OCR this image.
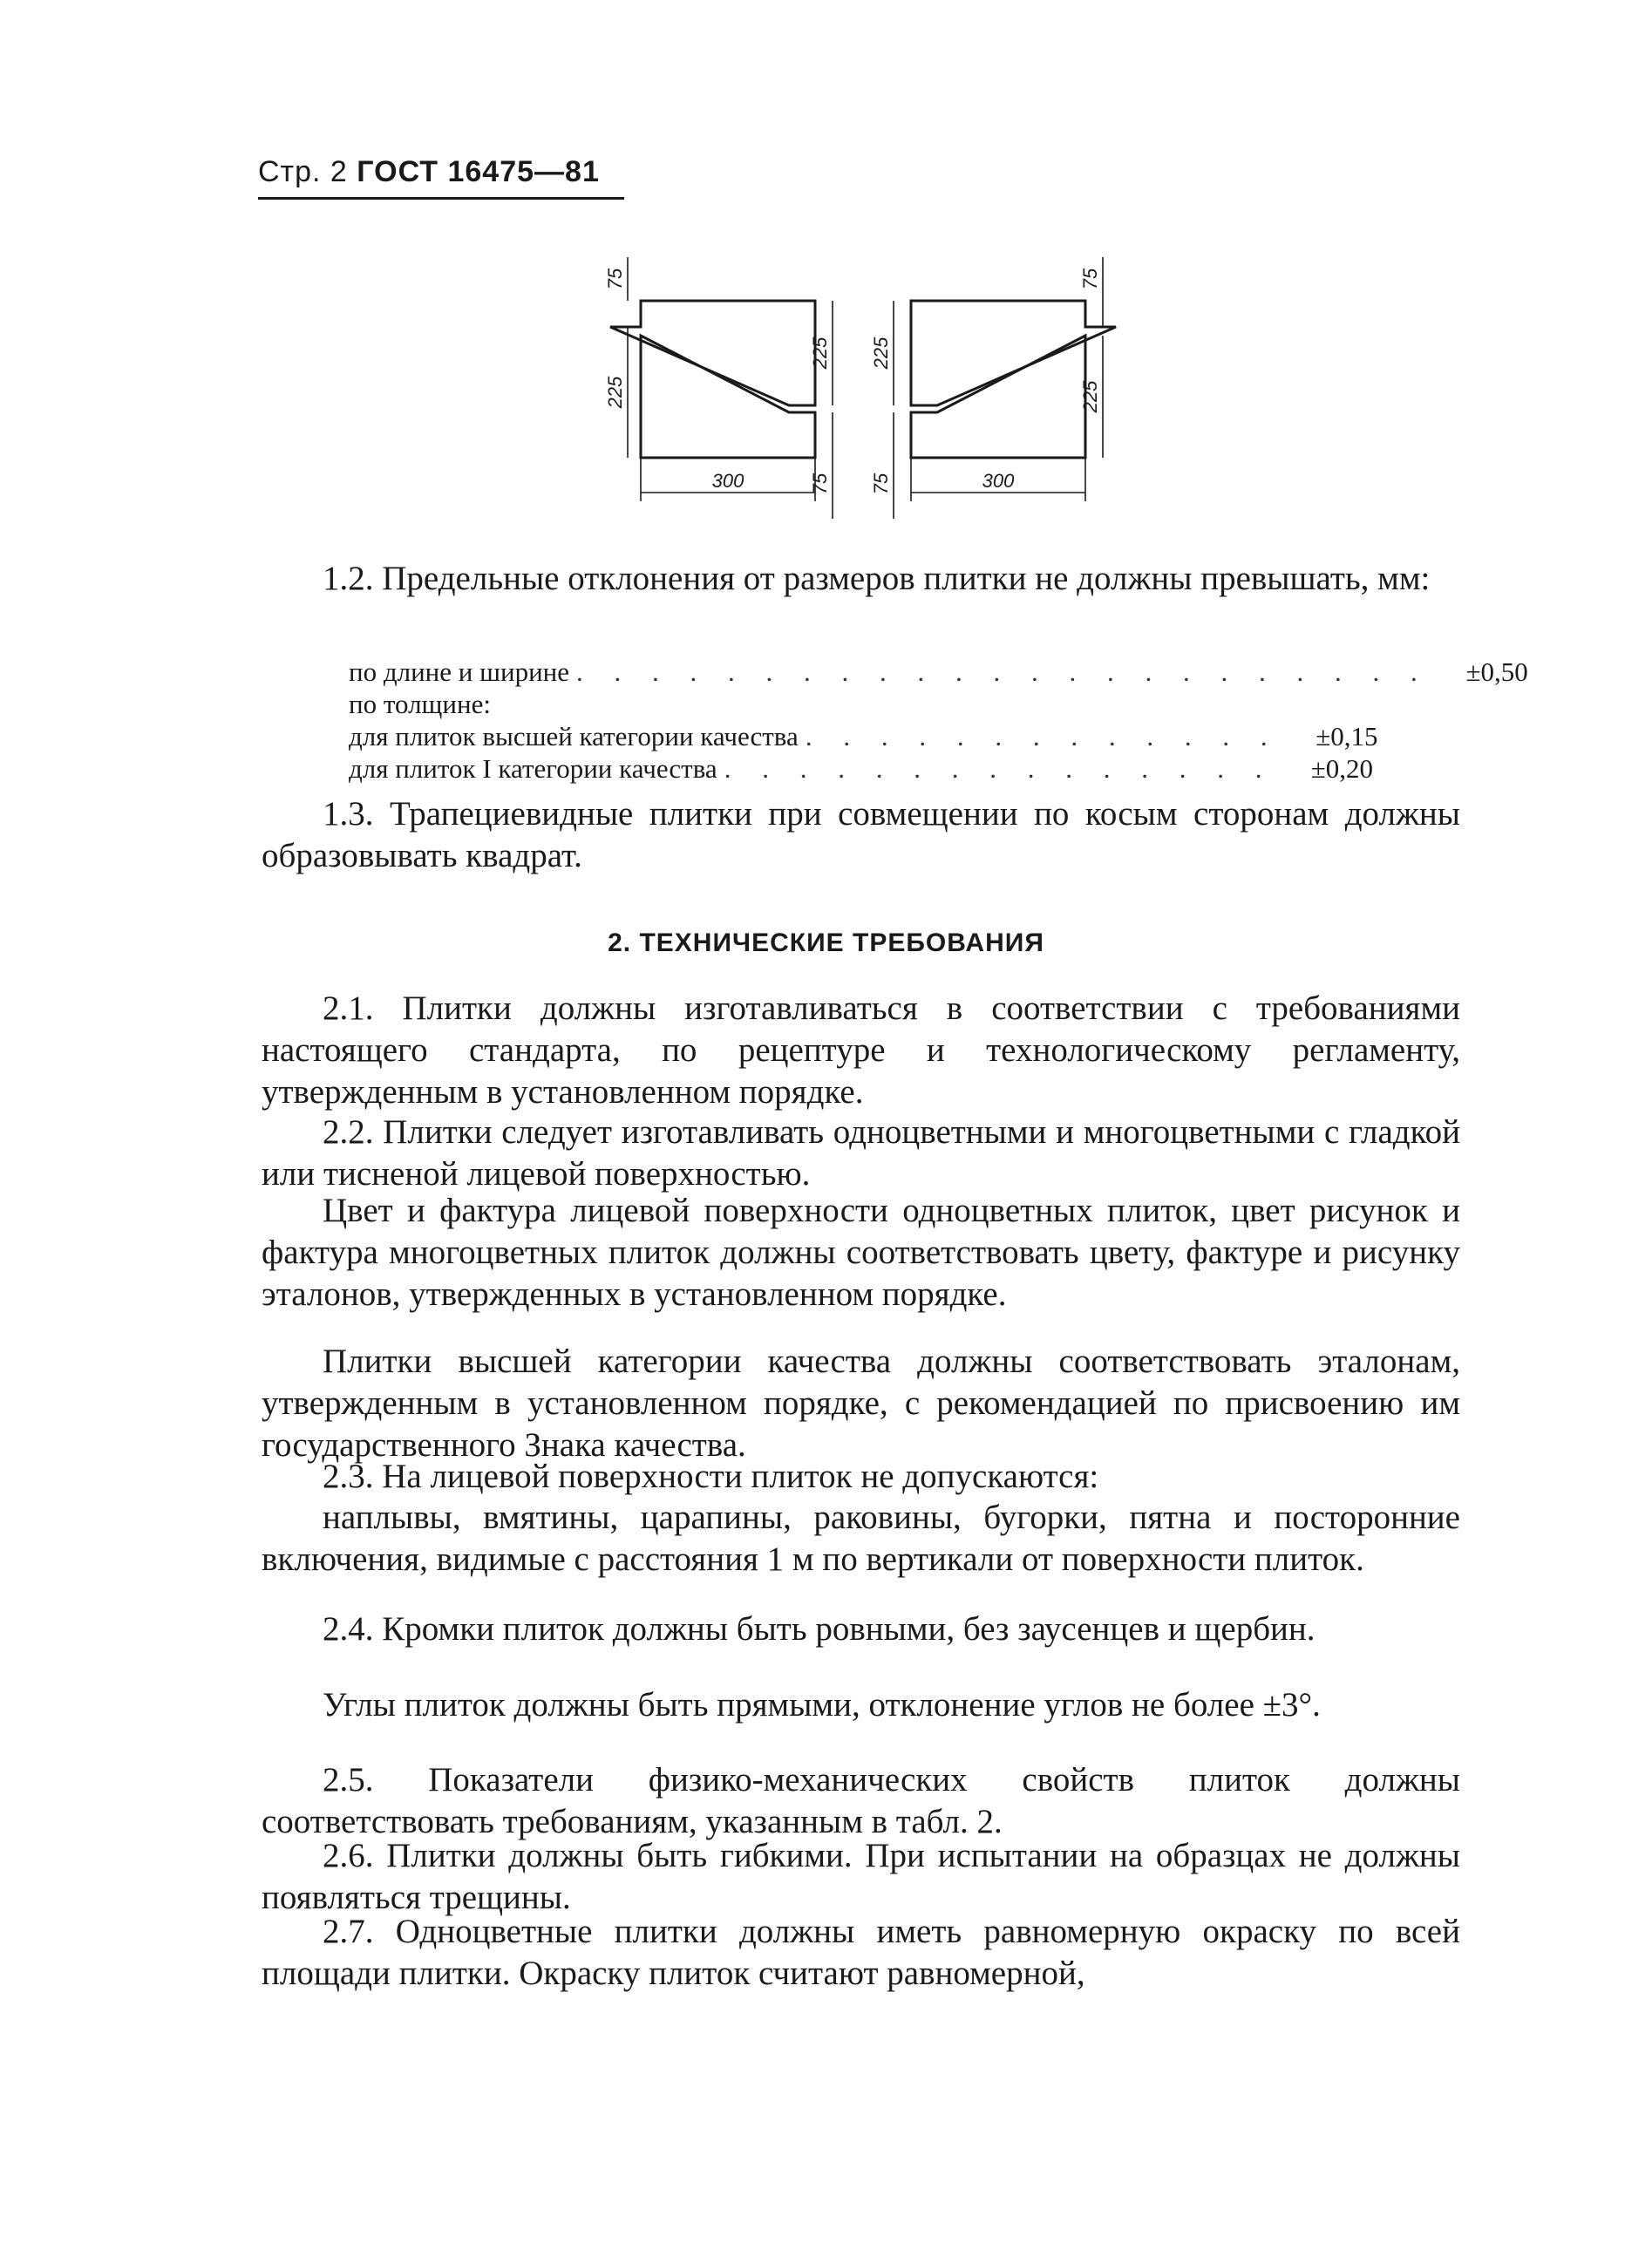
Стр. 2 ГОСТ 16475—81
75
225
225
300	75
75
225
225
300
75
1.2. Предельные отклонения от размеров плитки не должны превышать, мм:
по длине и ширине . . . . . . . . . . . . . . . . . . . . . . .	±0,50
по толщине:
для плиток высшей категории качества . . . . . . . . . . . . .	±0,15
для плиток I категории качества . . . . . . . . . . . . . . .	±0,20
1.3. Трапециевидные плитки при совмещении по косым сторонам должны образовывать квадрат.
2. ТЕХНИЧЕСКИЕ ТРЕБОВАНИЯ
2.1. Плитки должны изготавливаться в соответствии с требованиями настоящего стандарта, по рецептуре и технологическому регламенту, утвержденным в установленном порядке.
2.2. Плитки следует изготавливать одноцветными и многоцветными с гладкой или тисненой лицевой поверхностью.
Цвет и фактура лицевой поверхности одноцветных плиток, цвет рисунок и фактура многоцветных плиток должны соответствовать цвету, фактуре и рисунку эталонов, утвержденных в установленном порядке.
Плитки высшей категории качества должны соответствовать эталонам, утвержденным в установленном порядке, с рекомендацией по присвоению им государственного Знака качества.
2.3. На лицевой поверхности плиток не допускаются:
наплывы, вмятины, царапины, раковины, бугорки, пятна и посторонние включения, видимые с расстояния 1 м по вертикали от поверхности плиток.
2.4. Кромки плиток должны быть ровными, без заусенцев и щербин.
Углы плиток должны быть прямыми, отклонение углов не более ±3°.
2.5. Показатели физико-механических свойств плиток должны соответствовать требованиям, указанным в табл. 2.
2.6. Плитки должны быть гибкими. При испытании на образцах не должны появляться трещины.
2.7. Одноцветные плитки должны иметь равномерную окраску по всей площади плитки. Окраску плиток считают равномерной,
